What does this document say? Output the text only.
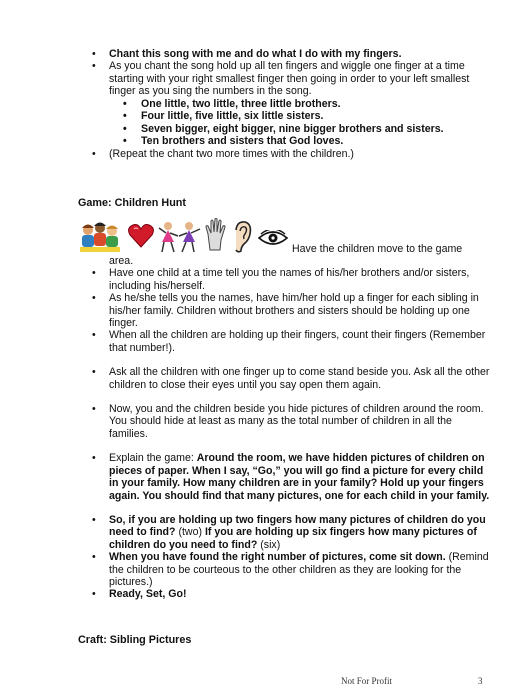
• Chant this song with me and do what I do with my fingers.
• As you chant the song hold up all ten fingers and wiggle one finger at a time starting with your right smallest finger then going in order to your left smallest finger as you sing the numbers in the song.
• One little, two little, three little brothers.
• Four little, five little, six little sisters.
• Seven bigger, eight bigger, nine bigger brothers and sisters.
• Ten brothers and sisters that God loves.
• (Repeat the chant two more times with the children.)
Game: Children Hunt
Have the children move to the game
area.
• Have one child at a time tell you the names of his/her brothers and/or sisters, including his/herself.
• As he/she tells you the names, have him/her hold up a finger for each sibling in his/her family. Children without brothers and sisters should be holding up one finger.
• When all the children are holding up their fingers, count their fingers (Remember that number!).
• Ask all the children with one finger up to come stand beside you. Ask all the other children to close their eyes until you say open them again.
• Now, you and the children beside you hide pictures of children around the room. You should hide at least as many as the total number of children in all the families.
• Explain the game: Around the room, we have hidden pictures of children on pieces of paper. When I say, “Go,” you will go find a picture for every child in your family. How many children are in your family? Hold up your fingers again. You should find that many pictures, one for each child in your family.
• So, if you are holding up two fingers how many pictures of children do you need to find? (two) If you are holding up six fingers how many pictures of children do you need to find? (six)
• When you have found the right number of pictures, come sit down. (Remind the children to be courteous to the other children as they are looking for the pictures.)
• Ready, Set, Go!
Craft: Sibling Pictures
Not For Profit	3
